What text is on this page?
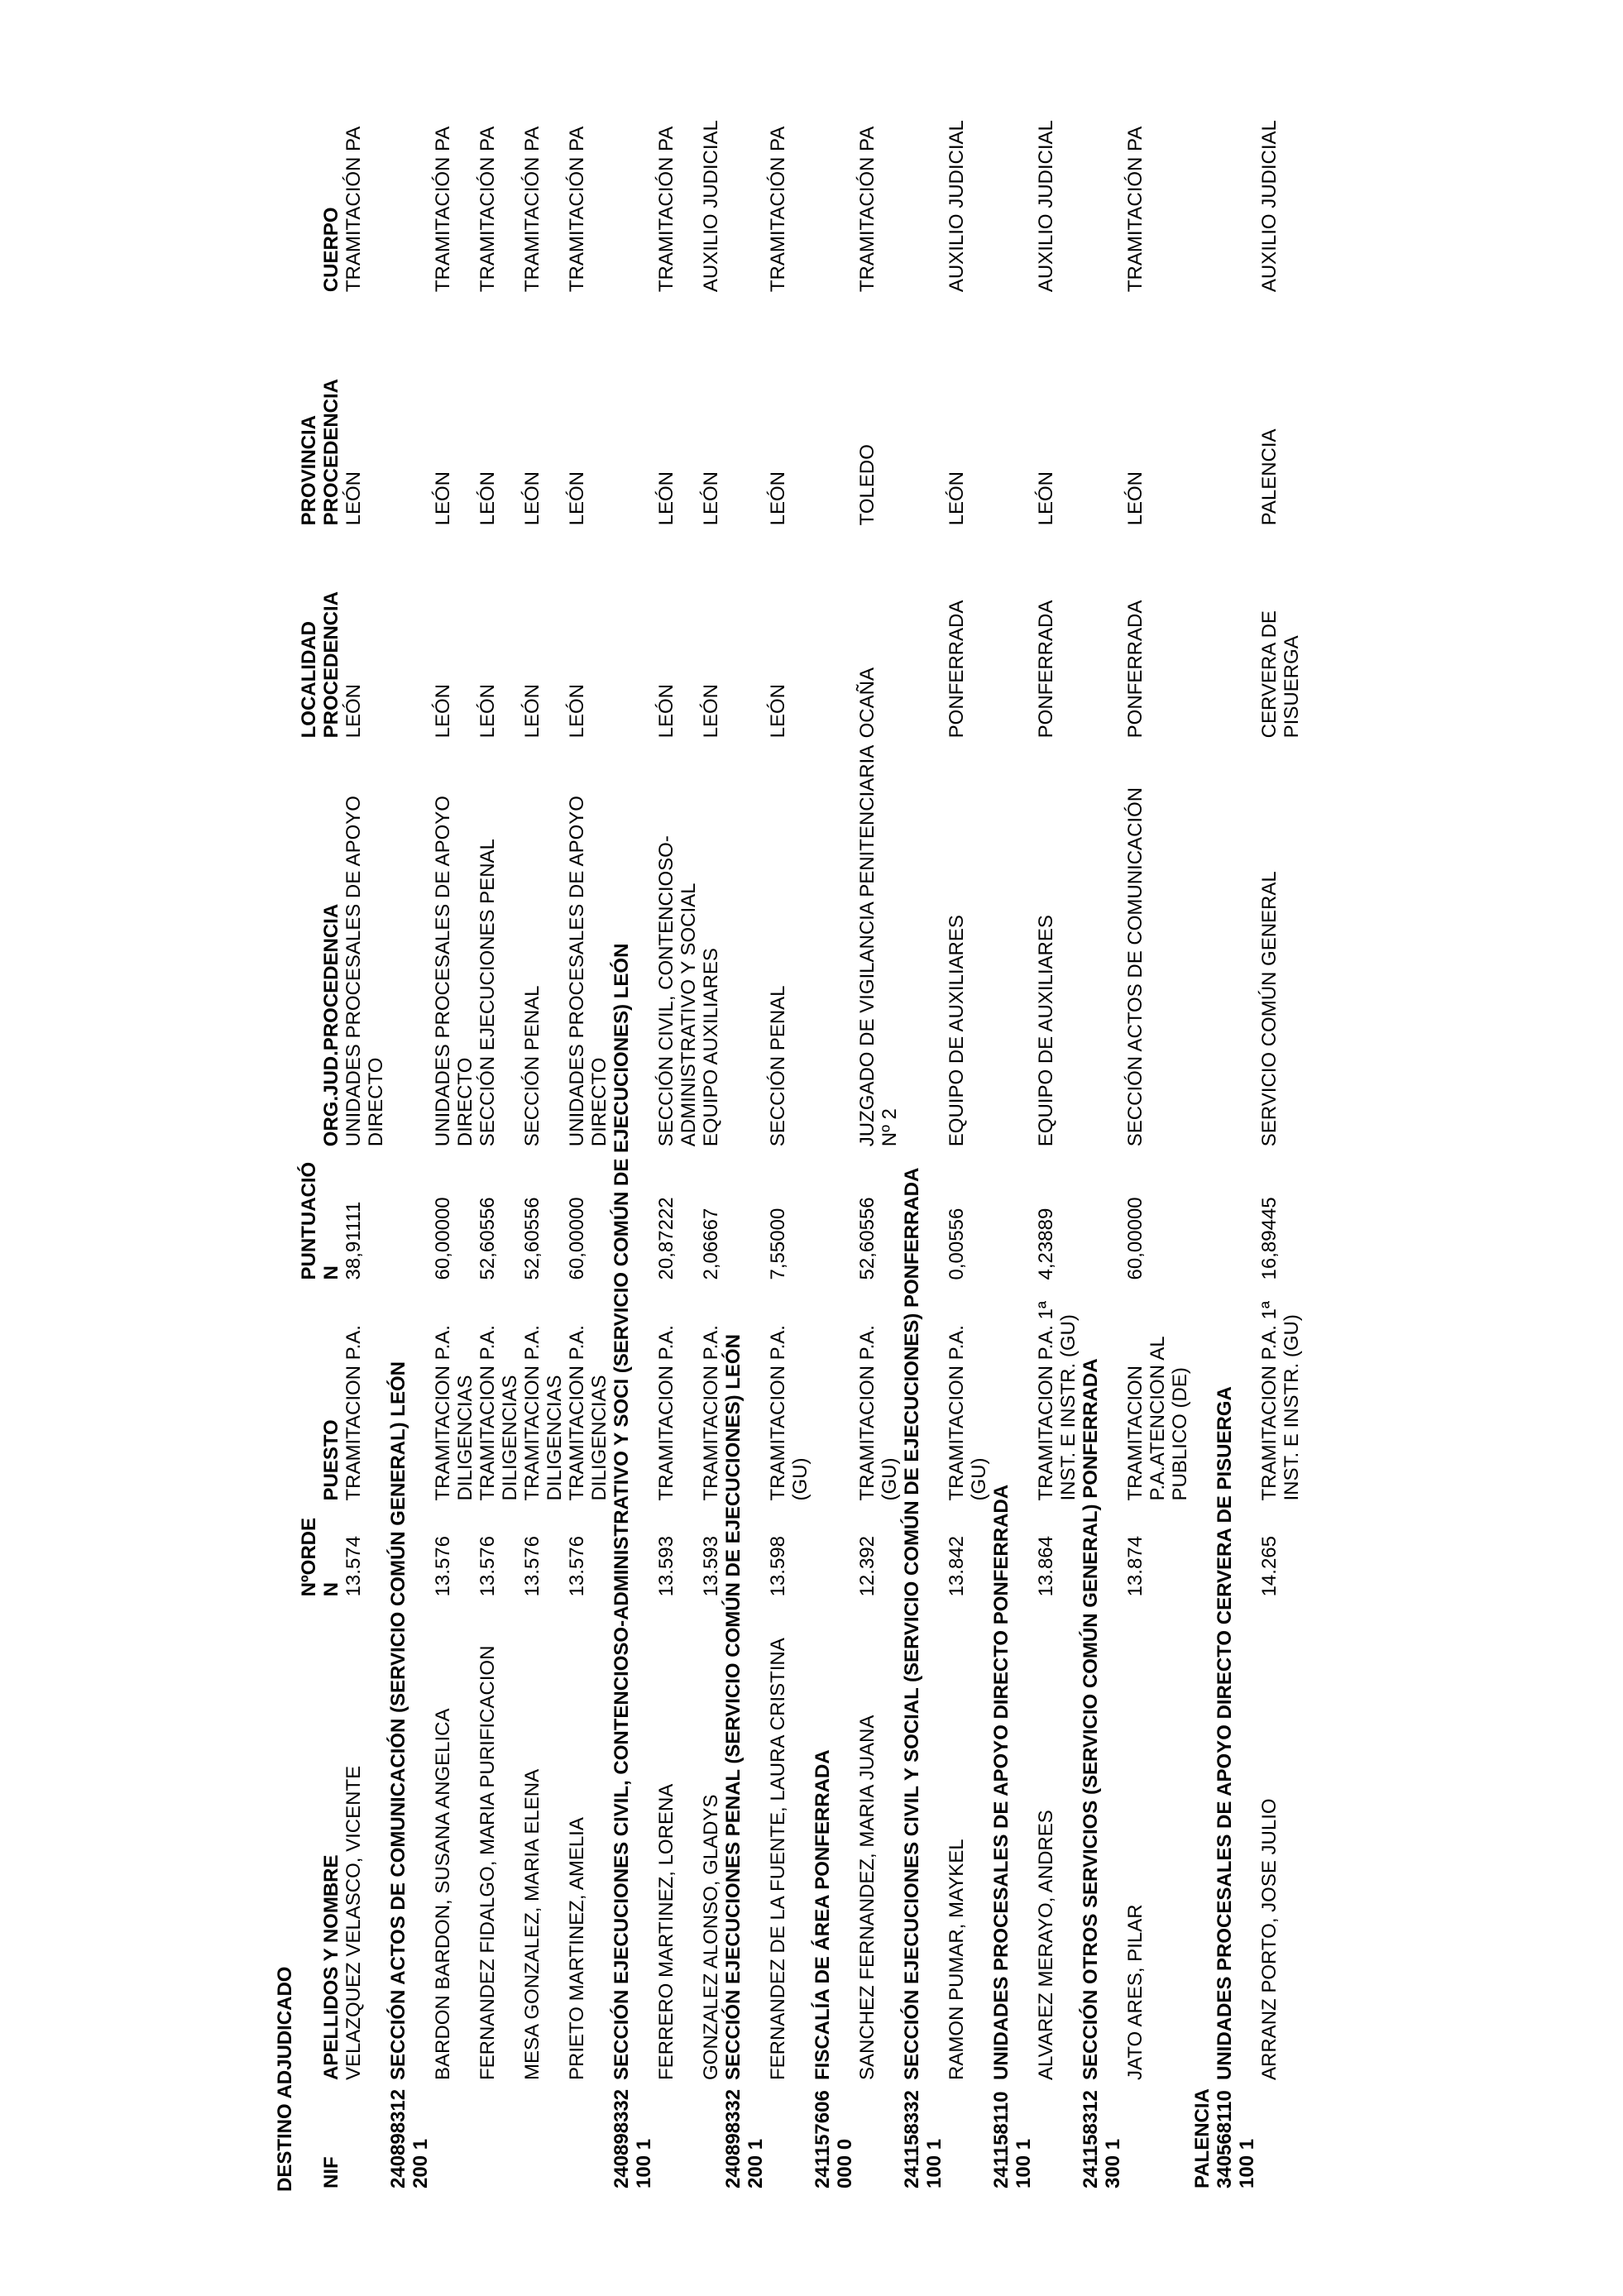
DESTINO ADJUDICADO NIF	APELLIDOS Y NOMBRE	NºORDEN	PUESTO	PUNTUACIÓN	ORG.JUD.PROCEDENCIA	LOCALIDAD PROCEDENCIA	PROVINCIA PROCEDENCIA	CUERPO
	VELAZQUEZ VELASCO, VICENTE	13.574	TRAMITACION P.A.	38,91111	UNIDADES PROCESALES DE APOYO DIRECTO	LEÓN	LEÓN	TRAMITACIÓN PA
240898312200 1	SECCIÓN ACTOS DE COMUNICACIÓN (SERVICIO COMÚN GENERAL) LEÓN							
	BARDON BARDON, SUSANA ANGELICA	13.576	TRAMITACION P.A. DILIGENCIAS	60,00000	UNIDADES PROCESALES DE APOYO DIRECTO	LEÓN	LEÓN	TRAMITACIÓN PA
	FERNANDEZ FIDALGO, MARIA PURIFICACION	13.576	TRAMITACION P.A. DILIGENCIAS	52,60556	SECCIÓN EJECUCIONES PENAL	LEÓN	LEÓN	TRAMITACIÓN PA
	MESA GONZALEZ, MARIA ELENA	13.576	TRAMITACION P.A. DILIGENCIAS	52,60556	SECCIÓN PENAL	LEÓN	LEÓN	TRAMITACIÓN PA
	PRIETO MARTINEZ, AMELIA	13.576	TRAMITACION P.A. DILIGENCIAS	60,00000	UNIDADES PROCESALES DE APOYO DIRECTO	LEÓN	LEÓN	TRAMITACIÓN PA
240898332100 1	SECCIÓN EJECUCIONES CIVIL, CONTENCIOSO-ADMINISTRATIVO Y SOCI (SERVICIO COMÚN DE EJECUCIONES) LEÓN							
	FERRERO MARTINEZ, LORENA	13.593	TRAMITACION P.A.	20,87222	SECCIÓN CIVIL, CONTENCIOSO-ADMINISTRATIVO Y SOCIAL	LEÓN	LEÓN	TRAMITACIÓN PA
	GONZALEZ ALONSO, GLADYS	13.593	TRAMITACION P.A.	2,06667	EQUIPO AUXILIARES	LEÓN	LEÓN	AUXILIO JUDICIAL
240898332200 1	SECCIÓN EJECUCIONES PENAL (SERVICIO COMÚN DE EJECUCIONES) LEÓN							
	FERNANDEZ DE LA FUENTE, LAURA CRISTINA	13.598	TRAMITACION P.A. (GU)	7,55000	SECCIÓN PENAL	LEÓN	LEÓN	TRAMITACIÓN PA
241157606000 0	FISCALÍA DE ÁREA PONFERRADA							
	SANCHEZ FERNANDEZ, MARIA JUANA	12.392	TRAMITACION P.A. (GU)	52,60556	JUZGADO DE VIGILANCIA PENITENCIARIA Nº 2	OCAÑA	TOLEDO	TRAMITACIÓN PA
241158332100 1	SECCIÓN EJECUCIONES CIVIL Y SOCIAL (SERVICIO COMÚN DE EJECUCIONES) PONFERRADA							
	RAMON PUMAR, MAYKEL	13.842	TRAMITACION P.A. (GU)	0,00556	EQUIPO DE AUXILIARES	PONFERRADA	LEÓN	AUXILIO JUDICIAL
241158110100 1	UNIDADES PROCESALES DE APOYO DIRECTO PONFERRADA							
	ALVAREZ MERAYO, ANDRES	13.864	TRAMITACION P.A. 1ª INST. E INSTR. (GU)	4,23889	EQUIPO DE AUXILIARES	PONFERRADA	LEÓN	AUXILIO JUDICIAL
241158312300 1	SECCIÓN OTROS SERVICIOS (SERVICIO COMÚN GENERAL) PONFERRADA							
	JATO ARES, PILAR	13.874	TRAMITACION P.A.ATENCION AL PUBLICO (DE)	60,00000	SECCIÓN ACTOS DE COMUNICACIÓN	PONFERRADA	LEÓN	TRAMITACIÓN PA
PALENCIA								
340568110100 1	UNIDADES PROCESALES DE APOYO DIRECTO CERVERA DE PISUERGA							
	ARRANZ PORTO, JOSE JULIO	14.265	TRAMITACION P.A. 1ª INST. E INSTR. (GU)	16,89445	SERVICIO COMÚN GENERAL	CERVERA DE PISUERGA	PALENCIA	AUXILIO JUDICIAL
